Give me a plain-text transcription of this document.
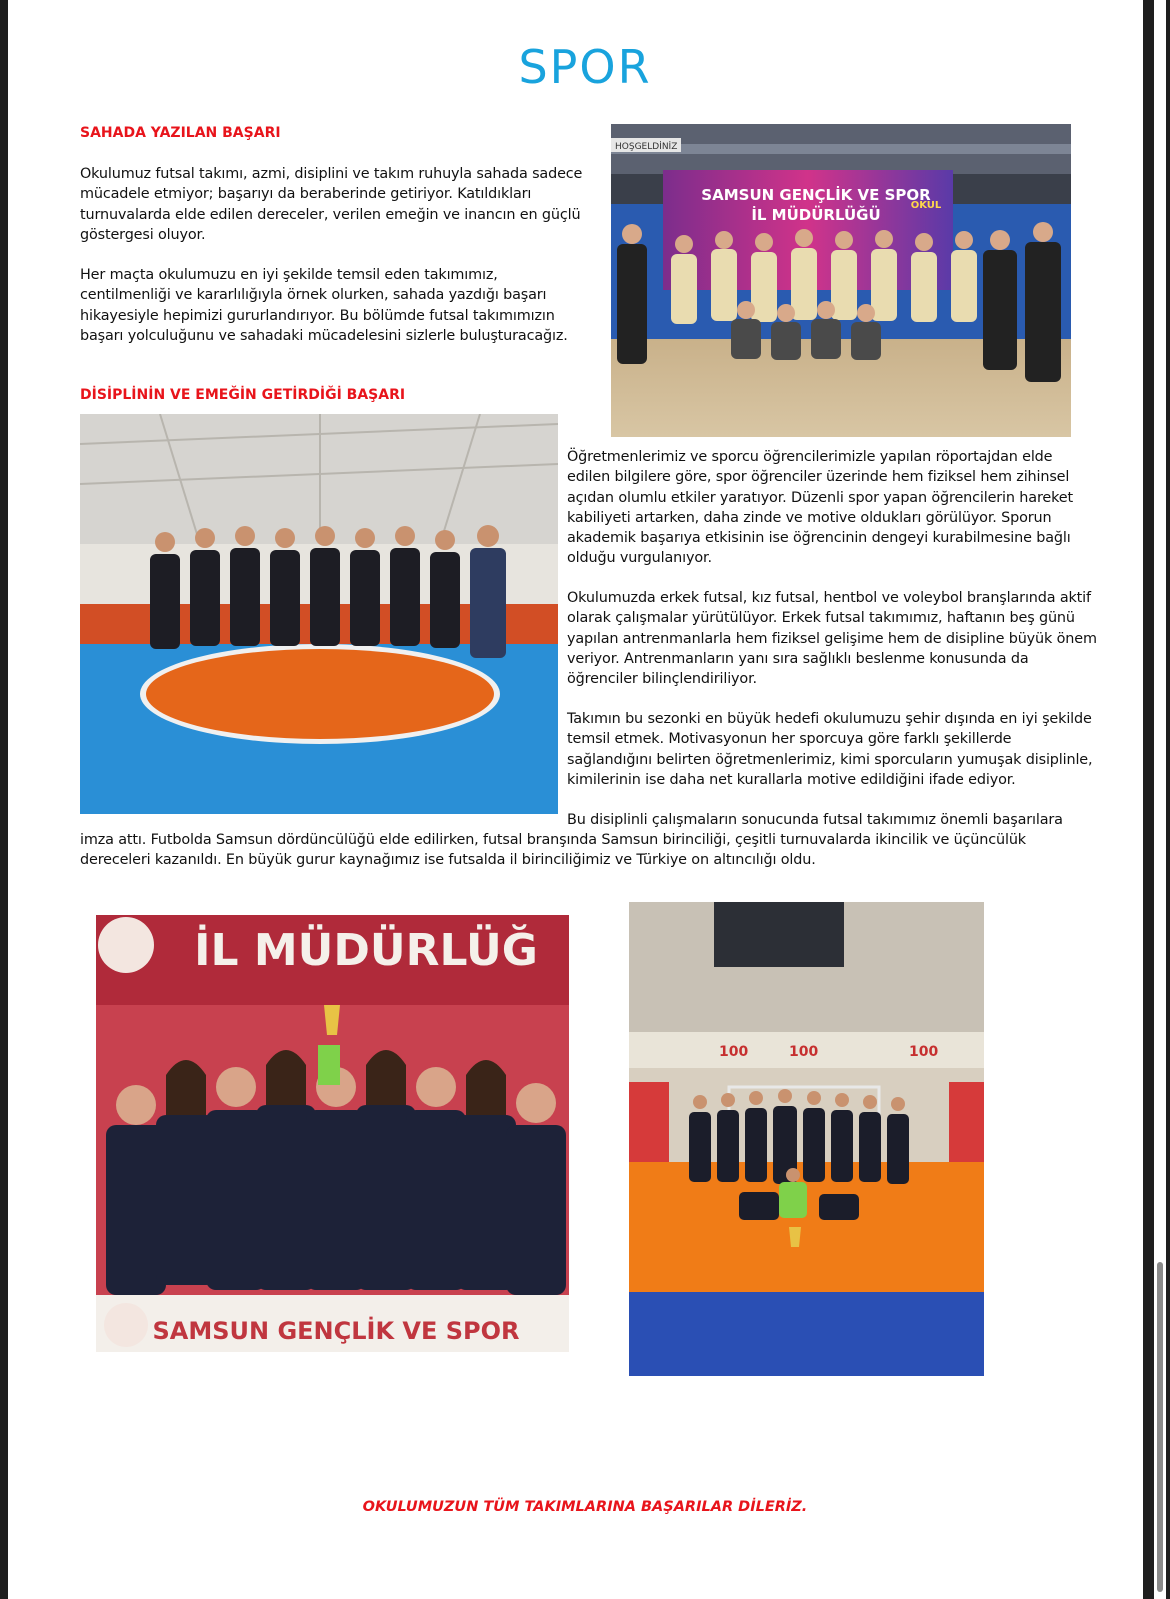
SPOR
SAHADA YAZILAN BAŞARI

Okulumuz futsal takımı, azmi, disiplini ve takım ruhuyla sahada sadece mücadele etmiyor; başarıyı da beraberinde getiriyor. Katıldıkları turnuvalarda elde edilen dereceler, verilen emeğin ve inancın en güçlü göstergesi oluyor.

Her maçta okulumuzu en iyi şekilde temsil eden takımımız, centilmenliği ve kararlılığıyla örnek olurken, sahada yazdığı başarı hikayesiyle hepimizi gururlandırıyor. Bu bölümde futsal takımımızın başarı yolculuğunu ve sahadaki mücadelesini sizlerle buluşturacağız.

HOŞGELDİNİZ
SAMSUN GENÇLİK VE SPOR
İL MÜDÜRLÜĞÜ
OKUL
DİSİPLİNİN VE EMEĞİN GETİRDİĞİ BAŞARI

Öğretmenlerimiz ve sporcu öğrencilerimizle yapılan röportajdan elde edilen bilgilere göre, spor öğrenciler üzerinde hem fiziksel hem zihinsel açıdan olumlu etkiler yaratıyor. Düzenli spor yapan öğrencilerin hareket kabiliyeti artarken, daha zinde ve motive oldukları görülüyor. Sporun akademik başarıya etkisinin ise öğrencinin dengeyi kurabilmesine bağlı olduğu vurgulanıyor.

Okulumuzda erkek futsal, kız futsal, hentbol ve voleybol branşlarında aktif olarak çalışmalar yürütülüyor. Erkek futsal takımımız, haftanın beş günü yapılan antrenmanlarla hem fiziksel gelişime hem de disipline büyük önem veriyor. Antrenmanların yanı sıra sağlıklı beslenme konusunda da öğrenciler bilinçlendiriliyor.

Takımın bu sezonki en büyük hedefi okulumuzu şehir dışında en iyi şekilde temsil etmek. Motivasyonun her sporcuya göre farklı şekillerde sağlandığını belirten öğretmenlerimiz, kimi sporcuların yumuşak disiplinle, kimilerinin ise daha net kurallarla motive edildiğini ifade ediyor.

Bu disiplinli çalışmaların sonucunda futsal takımımız önemli başarılara

imza attı. Futbolda Samsun dördüncülüğü elde edilirken, futsal branşında Samsun birinciliği, çeşitli turnuvalarda ikincilik ve üçüncülük dereceleri kazanıldı. En büyük gurur kaynağımız ise futsalda il birinciliğimiz ve Türkiye on altıncılığı oldu.

İL MÜDÜRLÜĞ
SAMSUN GENÇLİK VE SPOR
100	100	100
OKULUMUZUN TÜM TAKIMLARINA BAŞARILAR DİLERİZ.
